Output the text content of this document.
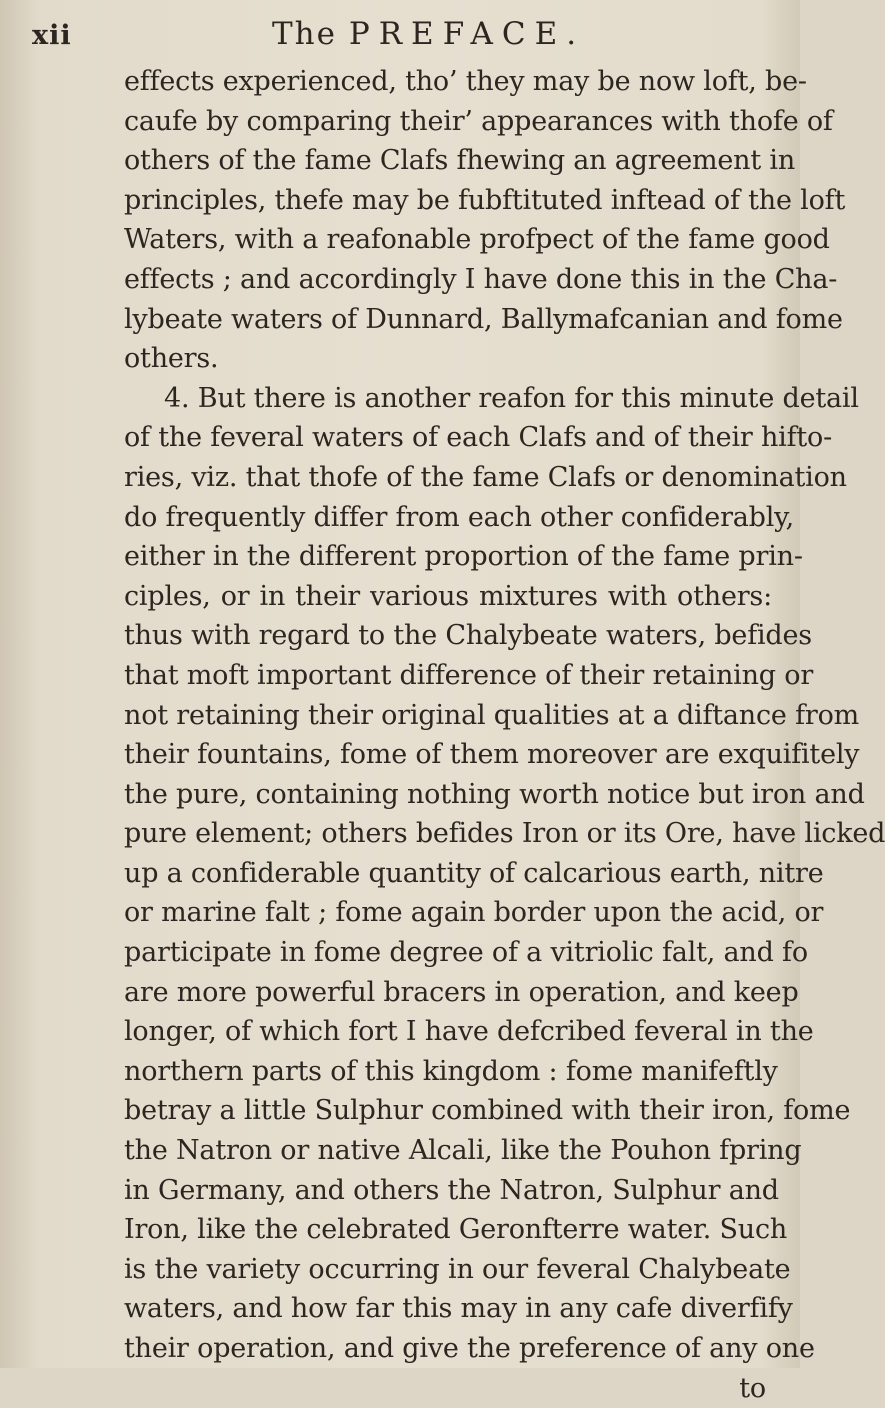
xii	The PREFACE.
effects experienced, tho’ they may be now loft, be-
caufe by comparing their’ appearances with thofe of
others of the fame Clafs fhewing an agreement in
principles, thefe may be fubftituted inftead of the loft
Waters, with a reafonable profpect of the fame good
effects ; and accordingly I have done this in the Cha-
lybeate waters of Dunnard, Ballymafcanian and fome
others.
4. But there is another reafon for this minute detail
of the feveral waters of each Clafs and of their hifto-
ries, viz. that thofe of the fame Clafs or denomination
do frequently differ from each other confiderably,
either in the different proportion of the fame prin-
ciples, or in their various mixtures with others:
thus with regard to the Chalybeate waters, befides
that moft important difference of their retaining or
not retaining their original qualities at a diftance from
their fountains, fome of them moreover are exquifitely
the pure, containing nothing worth notice but iron and
pure element; others befides Iron or its Ore, have licked
up a confiderable quantity of calcarious earth, nitre
or marine falt ; fome again border upon the acid, or
participate in fome degree of a vitriolic falt, and fo
are more powerful bracers in operation, and keep
longer, of which fort I have defcribed feveral in the
northern parts of this kingdom : fome manifeftly
betray a little Sulphur combined with their iron, fome
the Natron or native Alcali, like the Pouhon fpring
in Germany, and others the Natron, Sulphur and
Iron, like the celebrated Geronfterre water. Such
is the variety occurring in our feveral Chalybeate
waters, and how far this may in any cafe diverfify
their operation, and give the preference of any one
to
